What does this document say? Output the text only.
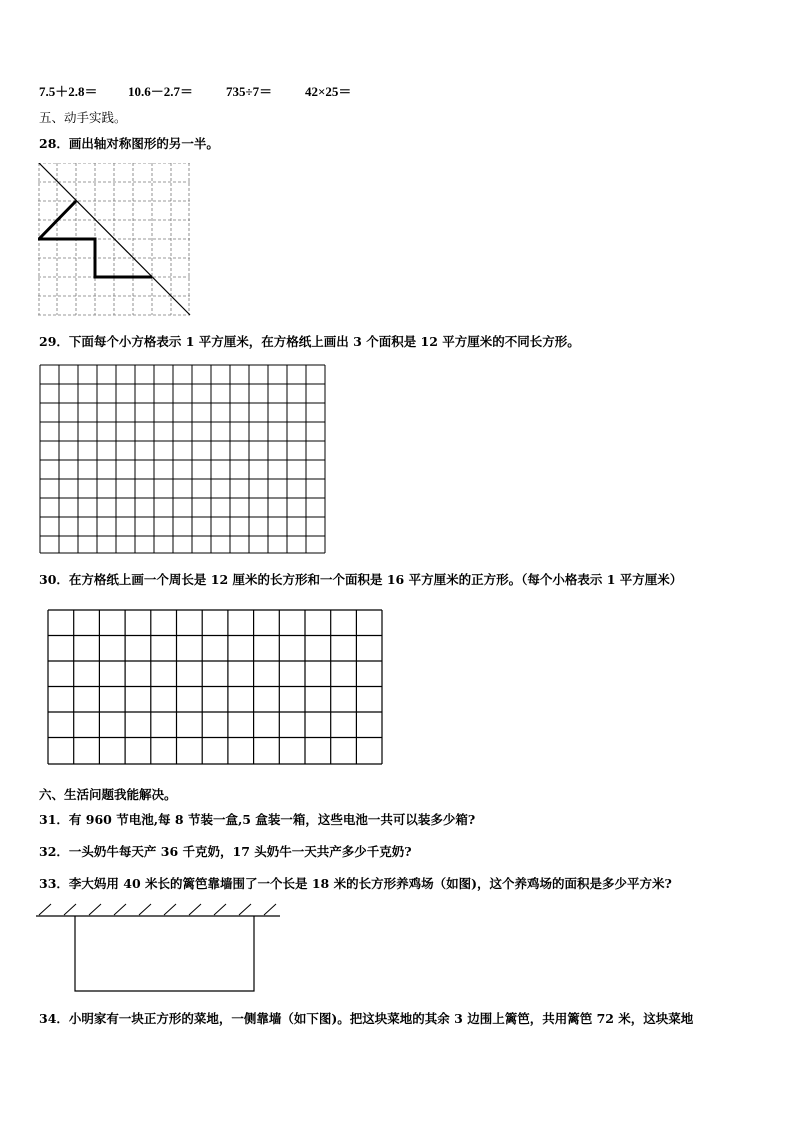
7.5＋2.8＝ 10.6－2.7＝	735÷7＝	42×25＝
五、动手实践。
28．画出轴对称图形的另一半。
29．下面每个小方格表示 1 平方厘米，在方格纸上画出 3 个面积是 12 平方厘米的不同长方形。
30．在方格纸上画一个周长是 12 厘米的长方形和一个面积是 16 平方厘米的正方形。（每个小格表示 1 平方厘米）
六、生活问题我能解决。
31．有 960 节电池,每 8 节装一盒,5 盒装一箱，这些电池一共可以装多少箱?
32．一头奶牛每天产 36 千克奶，17 头奶牛一天共产多少千克奶?
33．李大妈用 40 米长的篱笆靠墙围了一个长是 18 米的长方形养鸡场（如图)，这个养鸡场的面积是多少平方米?
34．小明家有一块正方形的菜地，一侧靠墙（如下图)。把这块菜地的其余 3 边围上篱笆，共用篱笆 72 米，这块菜地
